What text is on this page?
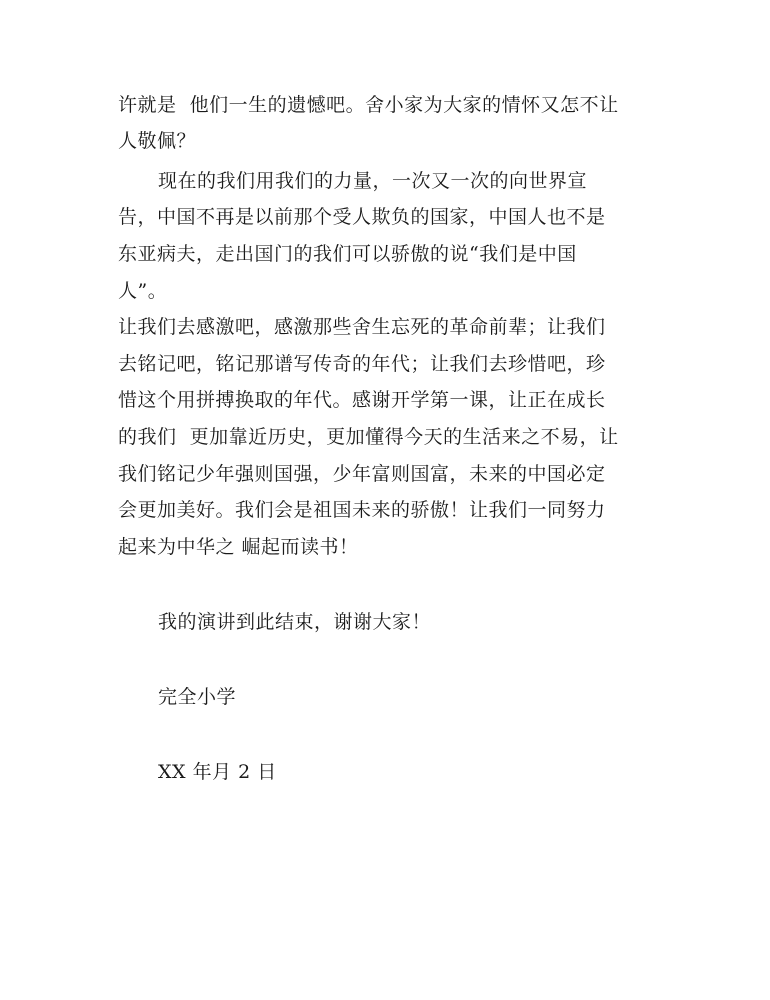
许就是  他们一生的遗憾吧。舍小家为大家的情怀又怎不让
人敬佩？
现在的我们用我们的力量，一次又一次的向世界宣
告，中国不再是以前那个受人欺负的国家，中国人也不是
东亚病夫，走出国门的我们可以骄傲的说“我们是中国
人”。
让我们去感激吧，感激那些舍生忘死的革命前辈；让我们
去铭记吧，铭记那谱写传奇的年代；让我们去珍惜吧，珍
惜这个用拼搏换取的年代。感谢开学第一课，让正在成长
的我们  更加靠近历史，更加懂得今天的生活来之不易，让
我们铭记少年强则国强，少年富则国富，未来的中国必定
会更加美好。我们会是祖国未来的骄傲！让我们一同努力
起来为中华之 崛起而读书！
我的演讲到此结束，谢谢大家！
完全小学
XX 年月 2 日
